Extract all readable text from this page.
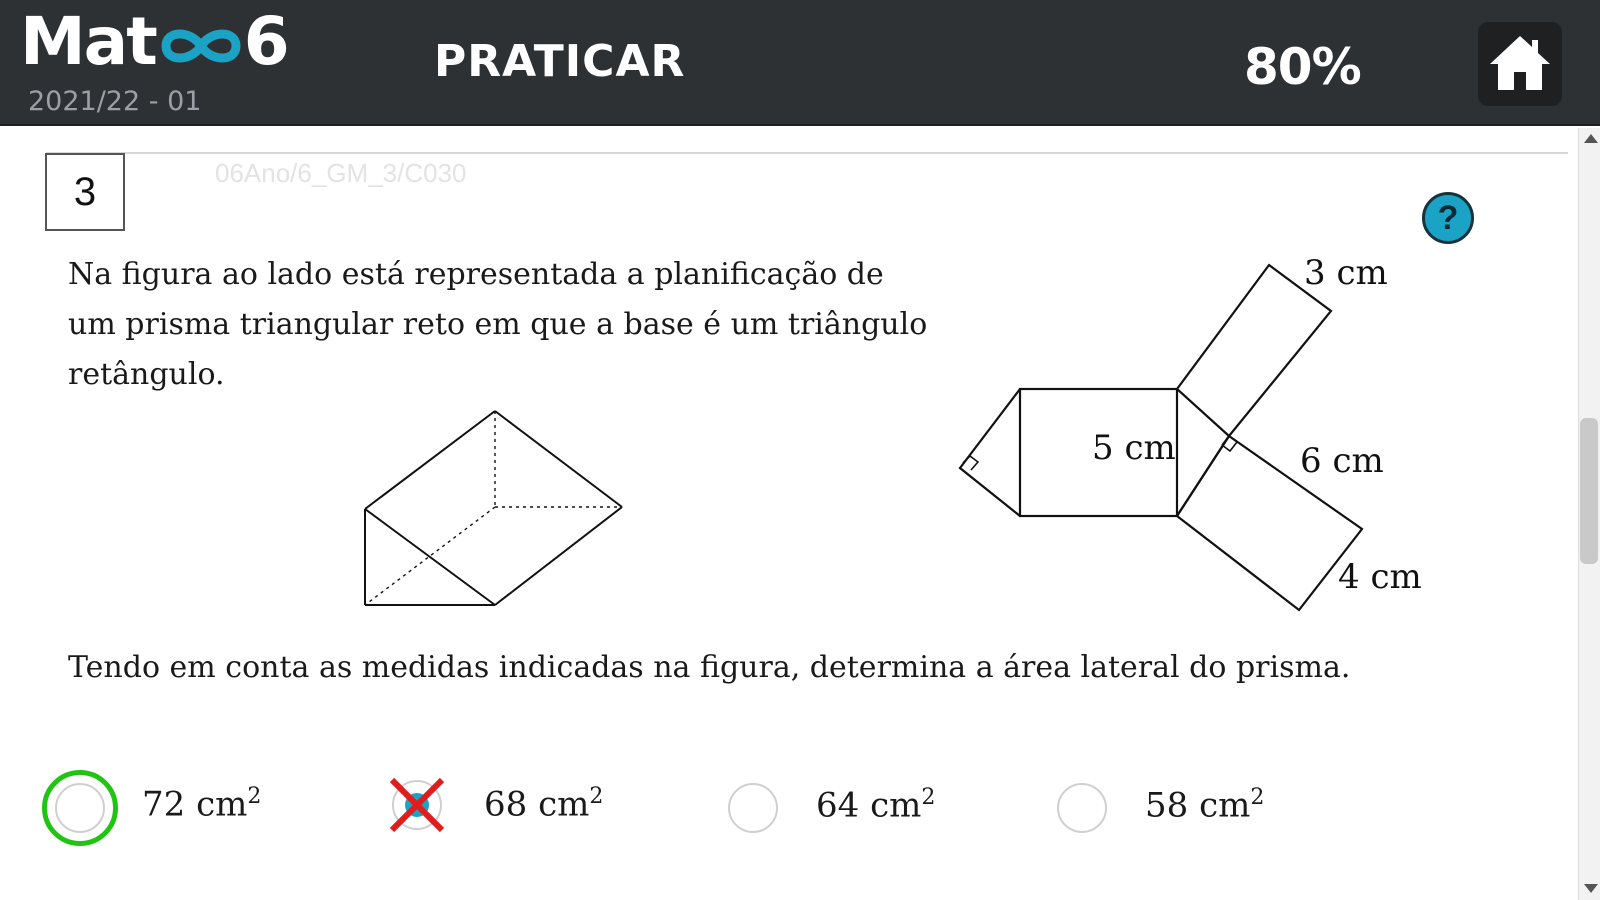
Mat 6
2021/22 - 01
PRATICAR	80%
3	06Ano/6_GM_3/C030
?
Na figura ao lado está representada a planificação de um prisma triangular reto em que a base é um triângulo retângulo.
3 cm
5 cm	6 cm
4 cm
Tendo em conta as medidas indicadas na figura, determina a área lateral do prisma.
72 $cm^2$	68 $cm^2$	64 $cm^2$	58 $cm^2$
